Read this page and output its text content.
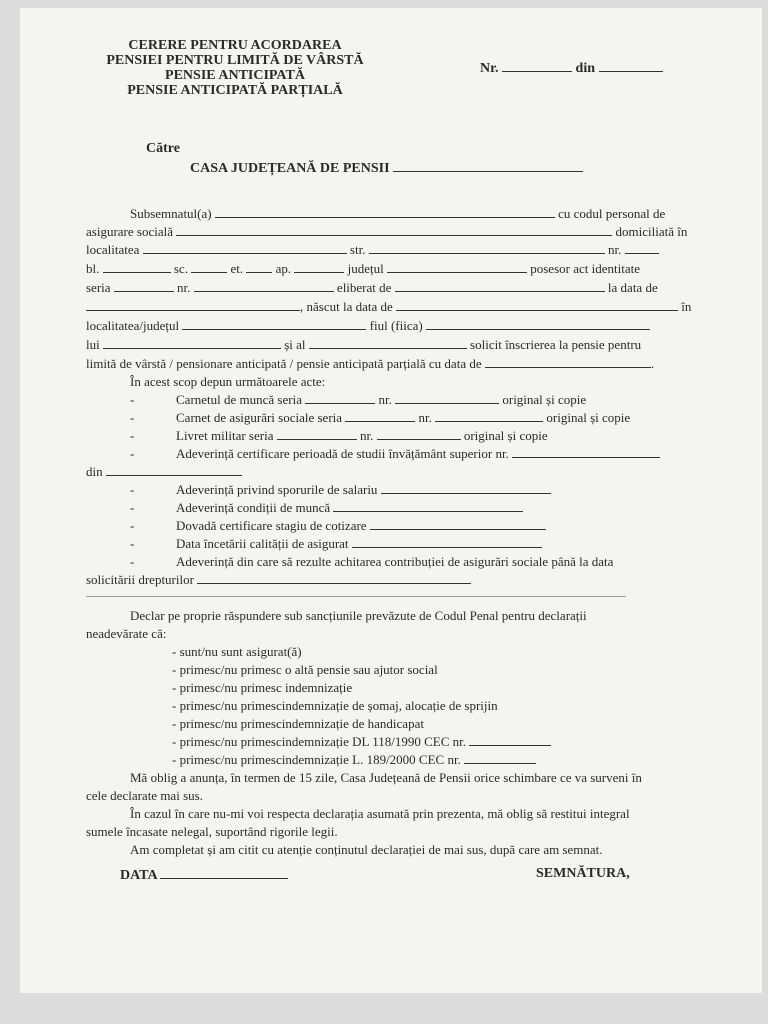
CERERE PENTRU ACORDAREA
PENSIEI PENTRU LIMITĂ DE VÂRSTĂ
PENSIE ANTICIPATĂ
PENSIE ANTICIPATĂ PARȚIALĂ
Nr.	din
Către
CASA JUDEȚEANĂ DE PENSII
Subsemnatul(a)	cu codul personal de
asigurare socială	domiciliată în
localitatea	str.	nr.
bl.	sc.	et.	ap.	județul	posesor act identitate
seria	nr.	eliberat de	la data de
, născut la data de	în
localitatea/județul	fiul (fiica)
lui	și al	solicit înscrierea la pensie pentru
limită de vârstă / pensionare anticipată / pensie anticipată parțială cu data de	.
În acest scop depun următoarele acte:
-	Carnetul de muncă seria	nr.	original și copie
-	Carnet de asigurări sociale seria	nr.	original și copie
-	Livret militar seria	nr.	original și copie
-	Adeverință certificare perioadă de studii învățământ superior nr.
din
-	Adeverință privind sporurile de salariu
-	Adeverință condiții de muncă
-	Dovadă certificare stagiu de cotizare
-	Data încetării calității de asigurat
-	Adeverință din care să rezulte achitarea contribuției de asigurări sociale până la data
solicitării drepturilor
Declar pe proprie răspundere sub sancțiunile prevăzute de Codul Penal pentru declarații
neadevărate că:
- sunt/nu sunt asigurat(ă)
- primesc/nu primesc o altă pensie sau ajutor social
- primesc/nu primesc indemnizație
- primesc/nu primescindemnizație de șomaj, alocație de sprijin
- primesc/nu primescindemnizație de handicapat
- primesc/nu primescindemnizație DL 118/1990 CEC nr.
- primesc/nu primescindemnizație L. 189/2000 CEC nr.
Mă oblig a anunța, în termen de 15 zile, Casa Județeană de Pensii orice schimbare ce va surveni în
cele declarate mai sus.
În cazul în care nu-mi voi respecta declarația asumată prin prezenta, mă oblig să restitui integral
sumele încasate nelegal, suportând rigorile legii.
Am completat și am citit cu atenție conținutul declarației de mai sus, după care am semnat.
DATA	SEMNĂTURA,
